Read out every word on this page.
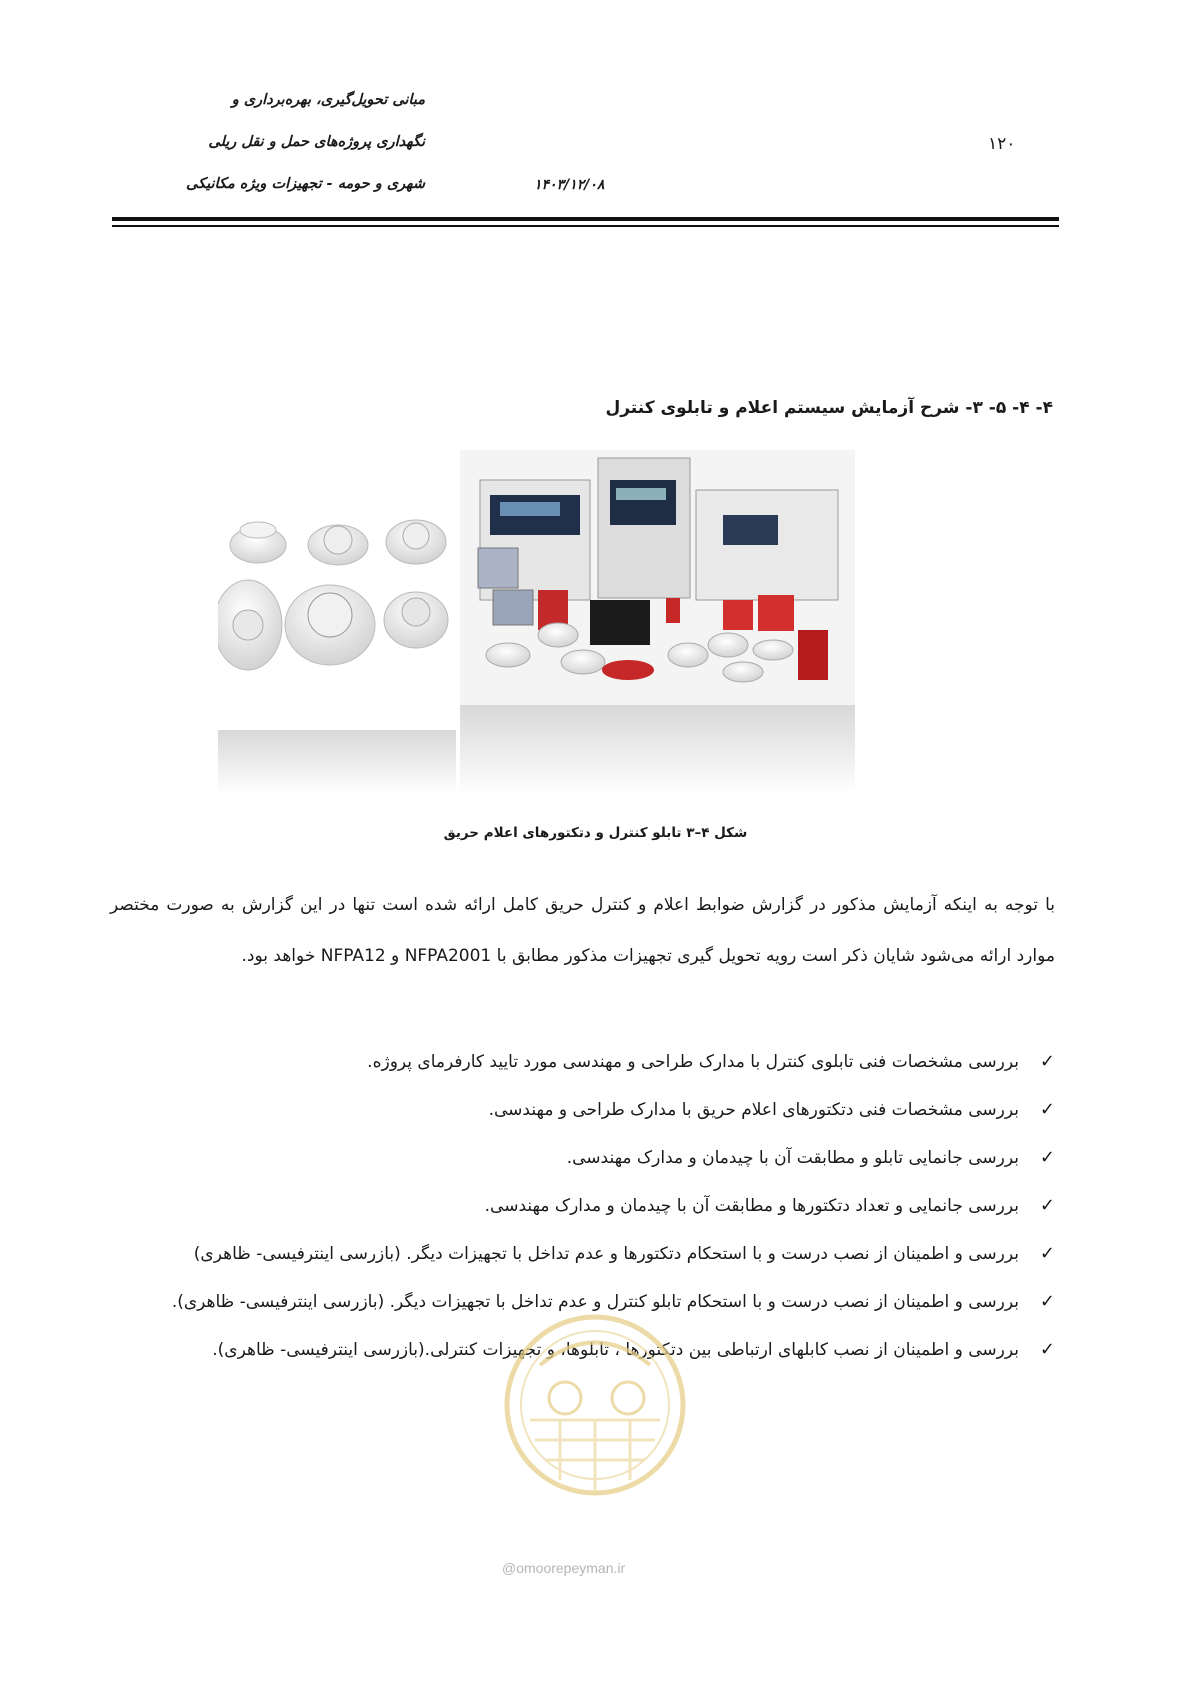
مبانی تحویل‌گیری، بهره‌برداری و
نگهداری پروژه‌های حمل و نقل ریلی
شهری و حومه - تجهیزات ویژه مکانیکی	۱۴۰۳/۱۲/۰۸
۱۲۰
۴- ۴- ۵- ۳- شرح آزمایش سیستم اعلام و تابلوی کنترل
شکل ۴–۳ تابلو کنترل و دتکتورهای اعلام حریق
با توجه به اینکه آزمایش مذکور در گزارش ضوابط اعلام و کنترل حریق کامل ارائه شده است تنها در این گزارش به صورت مختصر موارد ارائه می‌شود شایان ذکر است رویه تحویل گیری تجهیزات مذکور مطابق با NFPA2001 و NFPA12 خواهد بود.
✓
بررسی مشخصات فنی تابلوی کنترل با مدارک طراحی و مهندسی مورد تایید کارفرمای پروژه.
✓
بررسی مشخصات فنی دتکتورهای اعلام حریق با مدارک طراحی و مهندسی.
✓
بررسی جانمایی تابلو و مطابقت آن با چیدمان و مدارک مهندسی.
✓
بررسی جانمایی و تعداد دتکتورها و مطابقت آن با چیدمان و مدارک مهندسی.
✓
بررسی و اطمینان از نصب درست و با استحکام دتکتورها و عدم تداخل با تجهیزات دیگر. (بازرسی اینترفیسی- ظاهری)
✓
بررسی و اطمینان از نصب درست و با استحکام تابلو کنترل و عدم تداخل با تجهیزات دیگر. (بازرسی اینترفیسی- ظاهری).
✓
بررسی و اطمینان از نصب کابلهای ارتباطی بین دتکتورها ، تابلوها، و تجهیزات کنترلی.(بازرسی اینترفیسی- ظاهری).
@omoorepeyman.ir
